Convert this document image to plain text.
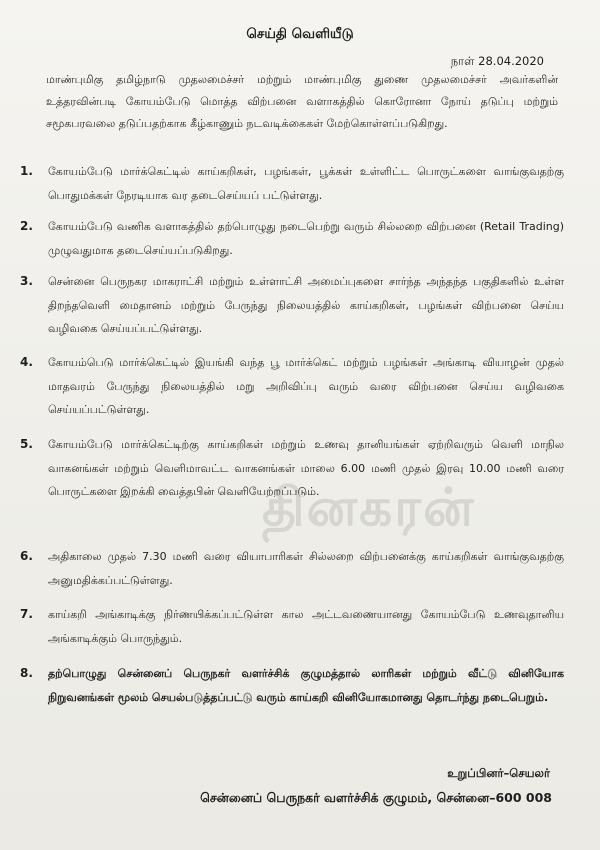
தினகரன்
செய்தி வெளியீடு
நாள் 28.04.2020
மாண்புமிகு தமிழ்நாடு முதலமைச்சர் மற்றும் மாண்புமிகு துணை முதலமைச்சர் அவர்களின் உத்தரவின்படி கோயம்பேடு மொத்த விற்பனை வளாகத்தில் கொரோனா நோய் தடுப்பு மற்றும் சமூகபரவலை தடுப்பதற்காக கீழ்காணும் நடவடிக்கைகள் மேற்கொள்ளப்படுகிறது.
1. கோயம்பேடு மார்க்கெட்டில் காய்கறிகள், பழங்கள், பூக்கள் உள்ளிட்ட பொருட்களை வாங்குவதற்கு பொதுமக்கள் நேரடியாக வர தடைசெய்யப் பட்டுள்ளது.
2. கோயம்பேடு வணிக வளாகத்தில் தற்பொழுது நடைபெற்று வரும் சில்லறை விற்பனை (Retail Trading) முழுவதுமாக தடைசெய்யப்படுகிறது.
3. சென்னை பெருநகர மாகராட்சி மற்றும் உள்ளாட்சி அமைப்புகளை சார்ந்த அந்தந்த பகுதிகளில் உள்ள திறந்தவெளி மைதானம் மற்றும் பேருந்து நிலையத்தில் காய்கறிகள், பழங்கள் விற்பனை செய்ய வழிவகை செய்யப்பட்டுள்ளது.
4. கோயம்பெடு மார்க்கெட்டில் இயங்கி வந்த பூ மார்க்கெட் மற்றும் பழங்கள் அங்காடி வியாழன் முதல் மாதவரம் பேருந்து நிலையத்தில் மறு அறிவிப்பு வரும் வரை விற்பனை செய்ய வழிவகை செய்யப்பட்டுள்ளது.
5. கோயம்பேடு மார்க்கெட்டிற்கு காய்கறிகள் மற்றும் உணவு தானியங்கள் ஏற்றிவரும் வெளி மாநில வாகனங்கள் மற்றும் வெளிமாவட்ட வாகனங்கள் மாலை 6.00 மணி முதல் இரவு 10.00 மணி வரை பொருட்களை இறக்கி வைத்தபின் வெளியேற்றப்படும்.
6. அதிகாலை முதல் 7.30 மணி வரை வியாபாரிகள் சில்லறை விற்பனைக்கு காய்கறிகள் வாங்குவதற்கு அனுமதிக்கப்பட்டுள்ளது.
7. காய்கறி அங்காடிக்கு நிர்ணயிக்கப்பட்டுள்ள கால அட்டவணையானது கோயம்பேடு உணவுதானிய அங்காடிக்கும் பொருந்தும்.
8. தற்பொழுது சென்னைப் பெருநகர் வளர்ச்சிக் குழுமத்தால் லாரிகள் மற்றும் வீட்டு வினியோக நிறுவனங்கள் மூலம் செயல்படுத்தப்பட்டு வரும் காய்கறி வினியோகமானது தொடர்ந்து நடைபெறும்.
உறுப்பினர்–செயலர்
சென்னைப் பெருநகர் வளர்ச்சிக் குழுமம், சென்னை–600 008
